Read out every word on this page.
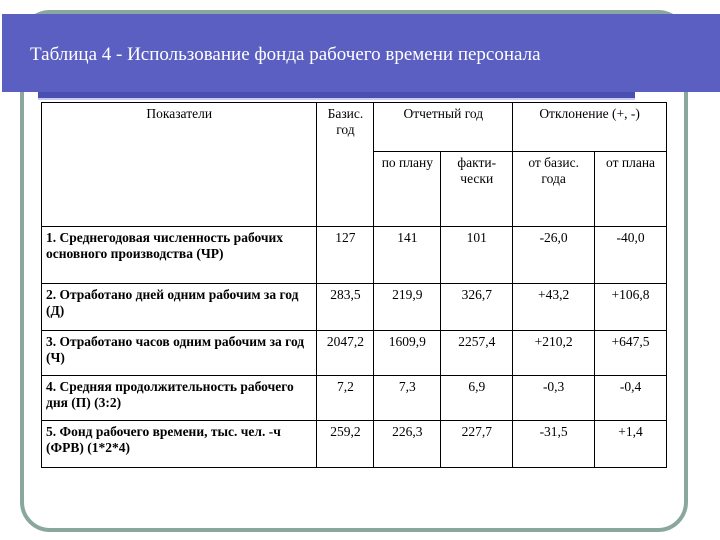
Таблица 4 - Использование фонда рабочего времени персонала
Показатели	Базис. год	Отчетный год		Отклонение (+, -)	
		по плану	факти-чески	от базис. года	от плана
1. Среднегодовая численность рабочих основного производства (ЧР)	127	141	101	-26,0	-40,0
2. Отработано дней одним рабочим за год (Д)	283,5	219,9	326,7	+43,2	+106,8
3. Отработано часов одним рабочим за год (Ч)	2047,2	1609,9	2257,4	+210,2	+647,5
4. Средняя продолжительность рабочего дня (П) (3:2)	7,2	7,3	6,9	-0,3	-0,4
5. Фонд рабочего времени, тыс. чел. -ч (ФРВ) (1*2*4)	259,2	226,3	227,7	-31,5	+1,4
